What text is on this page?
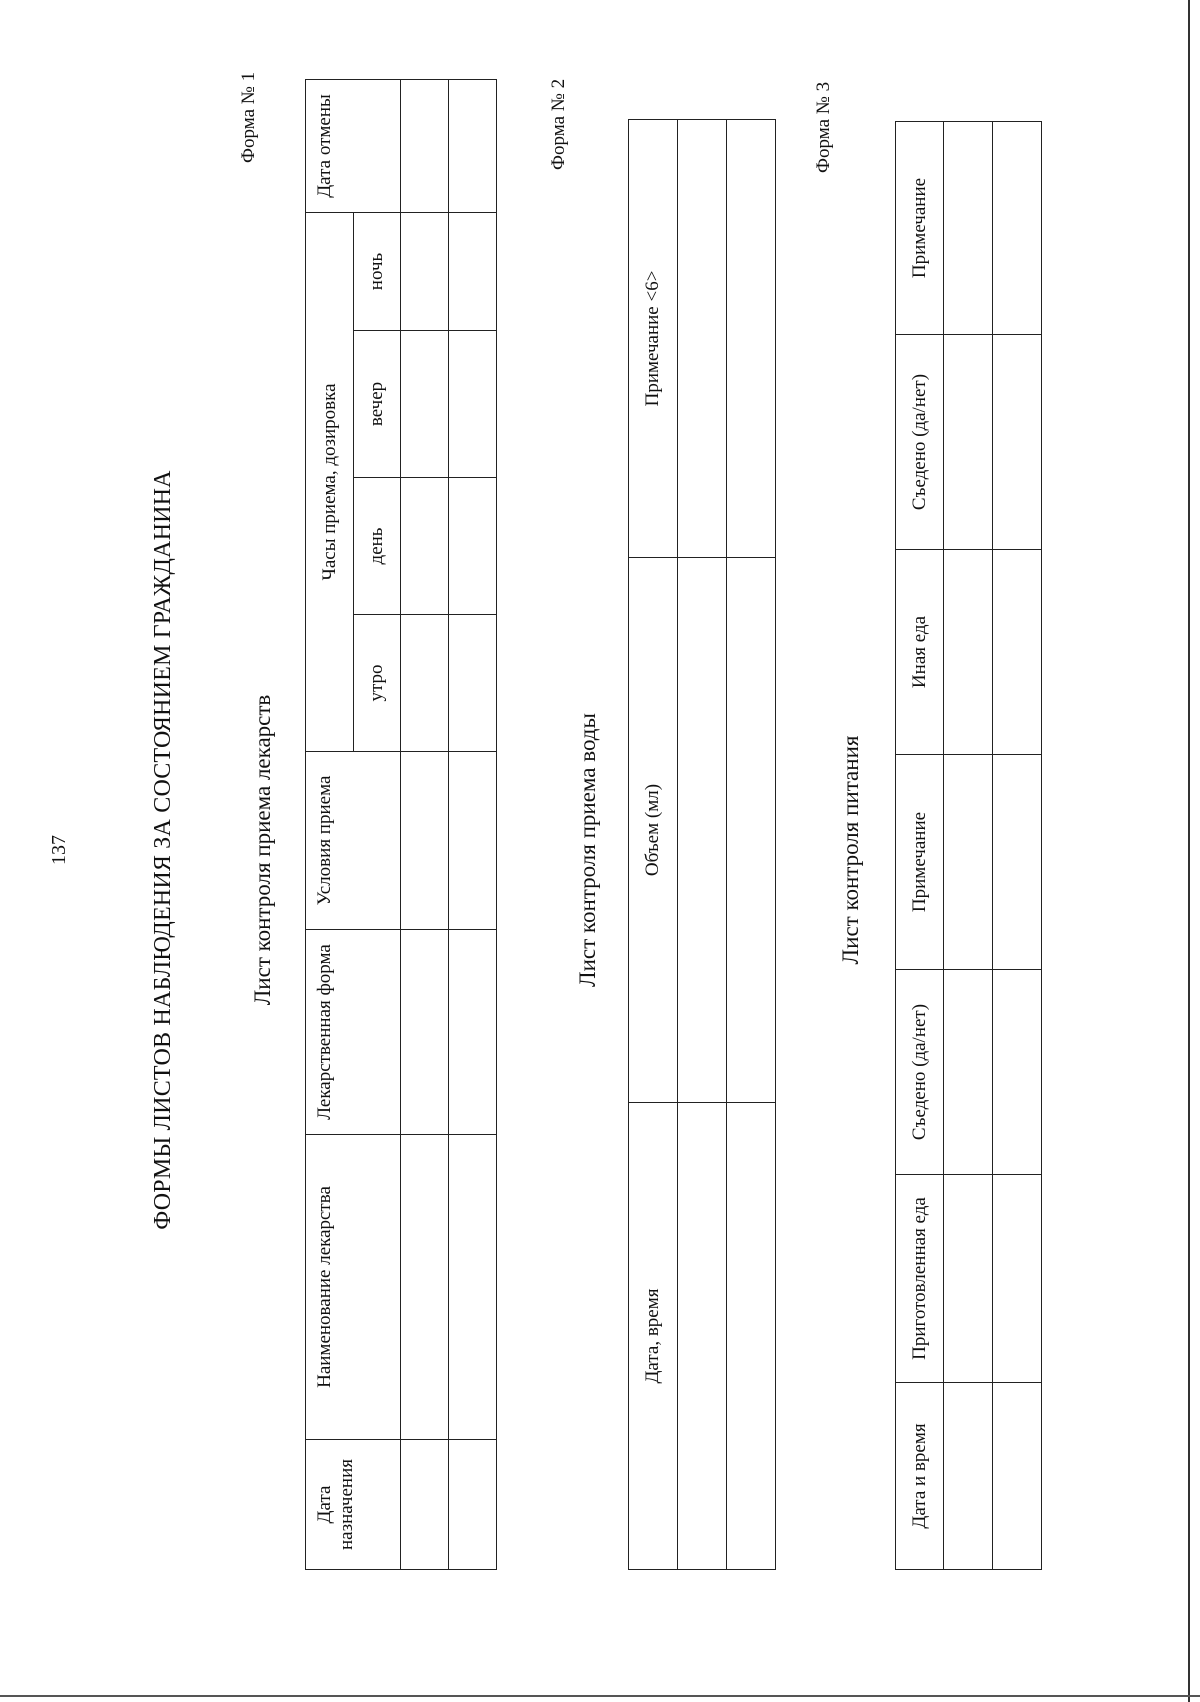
137	ФОРМЫ ЛИСТОВ НАБЛЮДЕНИЯ ЗА СОСТОЯНИЕМ ГРАЖДАНИНА
Форма № 1
Лист контроля приема лекарств
Дата назначения	Наименование лекарства	Лекарственная форма	Условия приема	Часы приема, дозировка				Дата отмены
				утро	день	вечер	ночь	

Форма № 2
Лист контроля приема воды
Дата, время	Объем (мл)	Примечание <6>

Форма № 3
Лист контроля питания
Дата и время	Приготовленная еда	Съедено (да/нет)	Примечание	Иная еда	Съедено (да/нет)	Примечание
